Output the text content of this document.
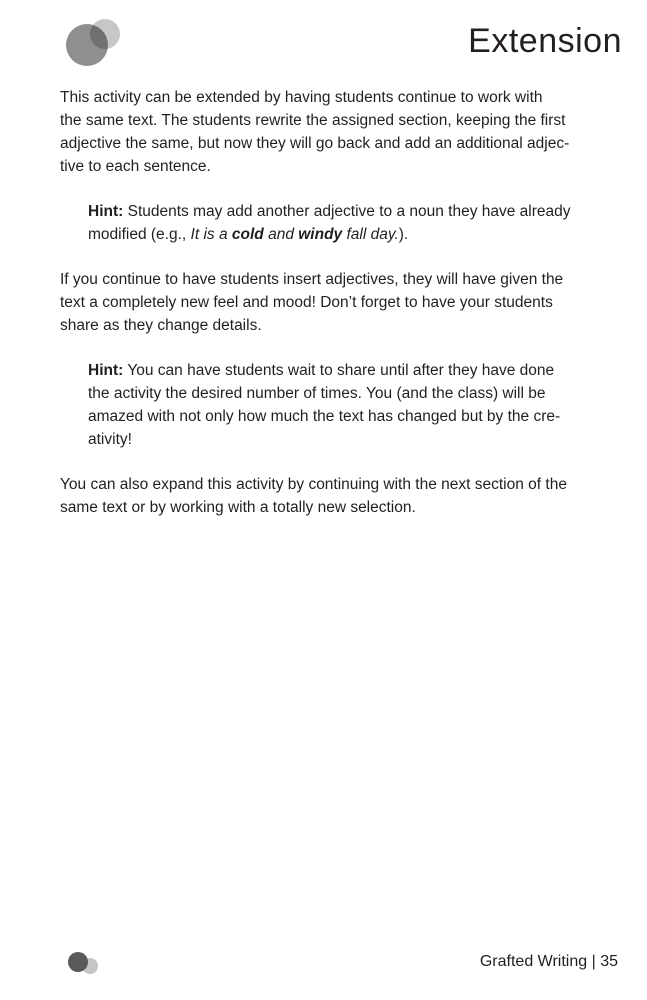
Extension
This activity can be extended by having students continue to work with
the same text. The students rewrite the assigned section, keeping the first
adjective the same, but now they will go back and add an additional adjec-
tive to each sentence.
Hint: Students may add another adjective to a noun they have already
modified (e.g., It is a cold and windy fall day.).
If you continue to have students insert adjectives, they will have given the
text a completely new feel and mood! Don’t forget to have your students
share as they change details.
Hint: You can have students wait to share until after they have done
the activity the desired number of times. You (and the class) will be
amazed with not only how much the text has changed but by the cre-
ativity!
You can also expand this activity by continuing with the next section of the
same text or by working with a totally new selection.
Grafted Writing | 35
